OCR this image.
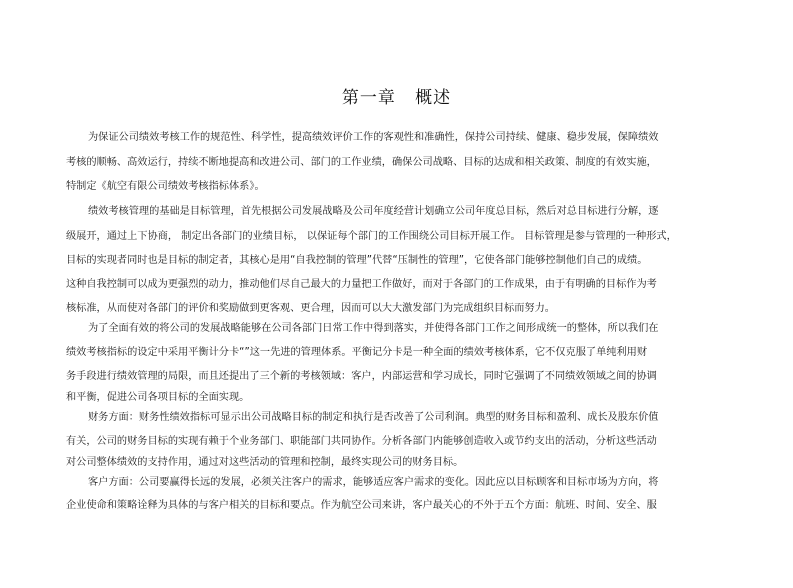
第一章   概述
为保证公司绩效考核工作的规范性、科学性，提高绩效评价工作的客观性和准确性，保持公司持续、健康、稳步发展，保障绩效
考核的顺畅、高效运行，持续不断地提高和改进公司、部门的工作业绩，确保公司战略、目标的达成和相关政策、制度的有效实施，
特制定《航空有限公司绩效考核指标体系》。
绩效考核管理的基础是目标管理，首先根据公司发展战略及公司年度经营计划确立公司年度总目标，然后对总目标进行分解，逐
级展开，通过上下协商， 制定出各部门的业绩目标， 以保证每个部门的工作围绕公司目标开展工作。 目标管理是参与管理的一种形式，
目标的实现者同时也是目标的制定者，其核心是用“自我控制的管理”代替“压制性的管理”，它使各部门能够控制他们自己的成绩。
这种自我控制可以成为更强烈的动力，推动他们尽自己最大的力量把工作做好，而对于各部门的工作成果，由于有明确的目标作为考
核标准，从而使对各部门的评价和奖励做到更客观、更合理，因而可以大大激发部门为完成组织目标而努力。
为了全面有效的将公司的发展战略能够在公司各部门日常工作中得到落实，并使得各部门工作之间形成统一的整体，所以我们在
绩效考核指标的设定中采用平衡计分卡“”这一先进的管理体系。平衡记分卡是一种全面的绩效考核体系，它不仅克服了单纯利用财
务手段进行绩效管理的局限，而且还提出了三个新的考核领域：客户，内部运营和学习成长，同时它强调了不同绩效领域之间的协调
和平衡，促进公司各项目标的全面实现。
财务方面：财务性绩效指标可显示出公司战略目标的制定和执行是否改善了公司利润。典型的财务目标和盈利、成长及股东价值
有关，公司的财务目标的实现有赖于个业务部门、职能部门共同协作。分析各部门内能够创造收入或节约支出的活动，分析这些活动
对公司整体绩效的支持作用，通过对这些活动的管理和控制，最终实现公司的财务目标。
客户方面：公司要赢得长远的发展，必须关注客户的需求，能够适应客户需求的变化。因此应以目标顾客和目标市场为方向，将
企业使命和策略诠释为具体的与客户相关的目标和要点。作为航空公司来讲，客户最关心的不外于五个方面：航班、时间、安全、服
